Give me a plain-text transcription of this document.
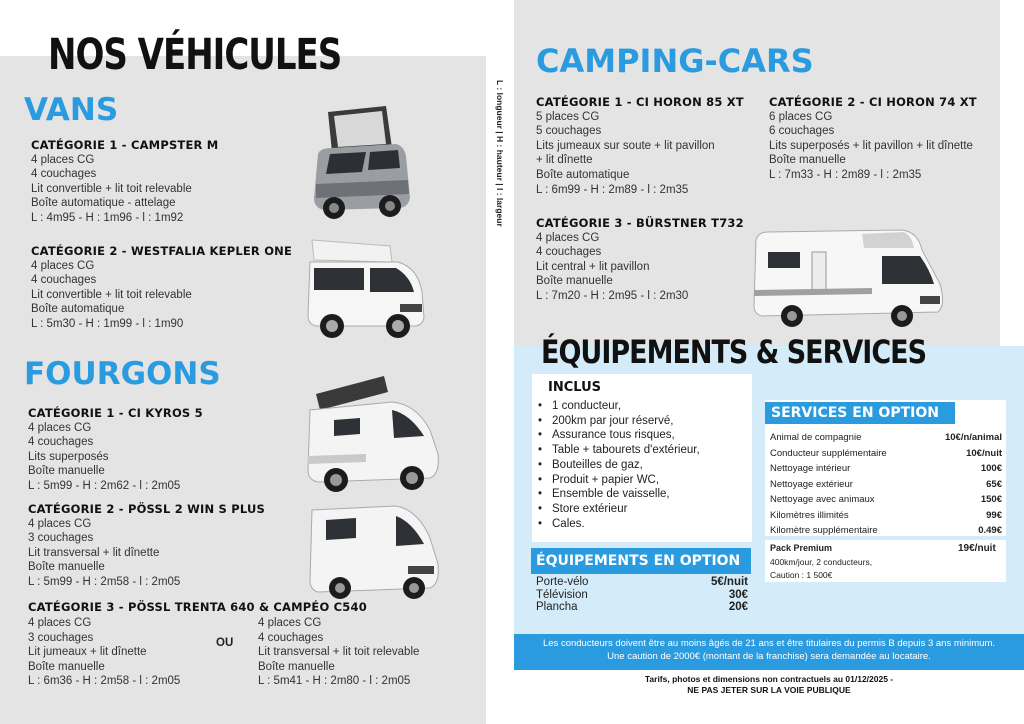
NOS VÉHICULES
VANS
CATÉGORIE 1 - CAMPSTER M
4 places CG
4 couchages
Lit convertible + lit toit relevable
Boîte automatique - attelage
L : 4m95 - H : 1m96 - l : 1m92
CATÉGORIE 2 - WESTFALIA KEPLER ONE
4 places CG
4 couchages
Lit convertible + lit toit relevable
Boîte automatique
L : 5m30 - H : 1m99 - l : 1m90
FOURGONS
CATÉGORIE 1 - CI KYROS 5
4 places CG
4 couchages
Lits superposés
Boîte manuelle
L : 5m99 - H : 2m62 - l : 2m05
CATÉGORIE 2 - PÖSSL 2 WIN S PLUS
4 places CG
3 couchages
Lit transversal + lit dînette
Boîte manuelle
L : 5m99 - H : 2m58 - l : 2m05
CATÉGORIE 3 - PÖSSL TRENTA 640 & CAMPÉO C540
4 places CG
3 couchages
Lit jumeaux + lit dînette
Boîte manuelle
L : 6m36 - H : 2m58 - l : 2m05
OU
4 places CG
4 couchages
Lit transversal + lit toit relevable
Boîte manuelle
L : 5m41 - H : 2m80 - l : 2m05
L : longueur | H : hauteur | l : largeur
CAMPING-CARS
CATÉGORIE 1 - CI HORON 85 XT
5 places CG
5 couchages
Lits jumeaux sur soute + lit pavillon
+ lit dînette
Boîte automatique
L : 6m99 - H : 2m89 - l : 2m35
CATÉGORIE 2 - CI HORON 74 XT
6 places CG
6 couchages
Lits superposés + lit pavillon + lit dînette
Boîte manuelle
L : 7m33 - H : 2m89 - l : 2m35
CATÉGORIE 3 - BÜRSTNER T732
4 places CG
4 couchages
Lit central + lit pavillon
Boîte manuelle
L : 7m20 - H : 2m95 - l : 2m30
ÉQUIPEMENTS & SERVICES
INCLUS
• 1 conducteur,
• 200km par jour réservé,
• Assurance tous risques,
• Table + tabourets d'extérieur,
• Bouteilles de gaz,
• Produit + papier WC,
• Ensemble de vaisselle,
• Store extérieur
• Cales.
ÉQUIPEMENTS EN OPTION
Porte-vélo	5€/nuit
Télévision	30€
Plancha	20€
SERVICES EN OPTION
Animal de compagnie	10€/n/animal
Conducteur supplémentaire	10€/nuit
Nettoyage intérieur	100€
Nettoyage extérieur	65€
Nettoyage avec animaux	150€
Kilomètres illimités	99€
Kilomètre supplémentaire	0.49€
Pack Premium	19€/nuit
400km/jour, 2 conducteurs,
Caution : 1 500€
Les conducteurs doivent être au moins âgés de 21 ans et être titulaires du permis B depuis 3 ans minimum.
Une caution de 2000€ (montant de la franchise) sera demandée au locataire.
Tarifs, photos et dimensions non contractuels au 01/12/2025 -
NE PAS JETER SUR LA VOIE PUBLIQUE
